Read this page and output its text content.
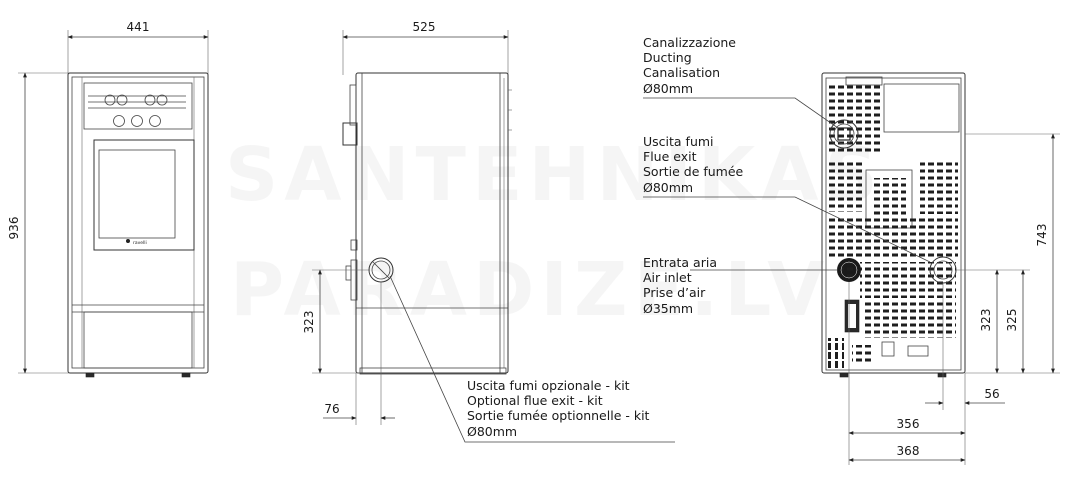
441
936
ravelli
525
323
76
743
325
323
56
356
368
Canalizzazione
Ducting
Canalisation
Ø80mm
Uscita fumi
Flue exit
Sortie de fumée
Ø80mm
Entrata aria
Air inlet
Prise d’air
Ø35mm
Uscita fumi opzionale - kit
Optional flue exit - kit
Sortie fumée optionnelle - kit
Ø80mm
